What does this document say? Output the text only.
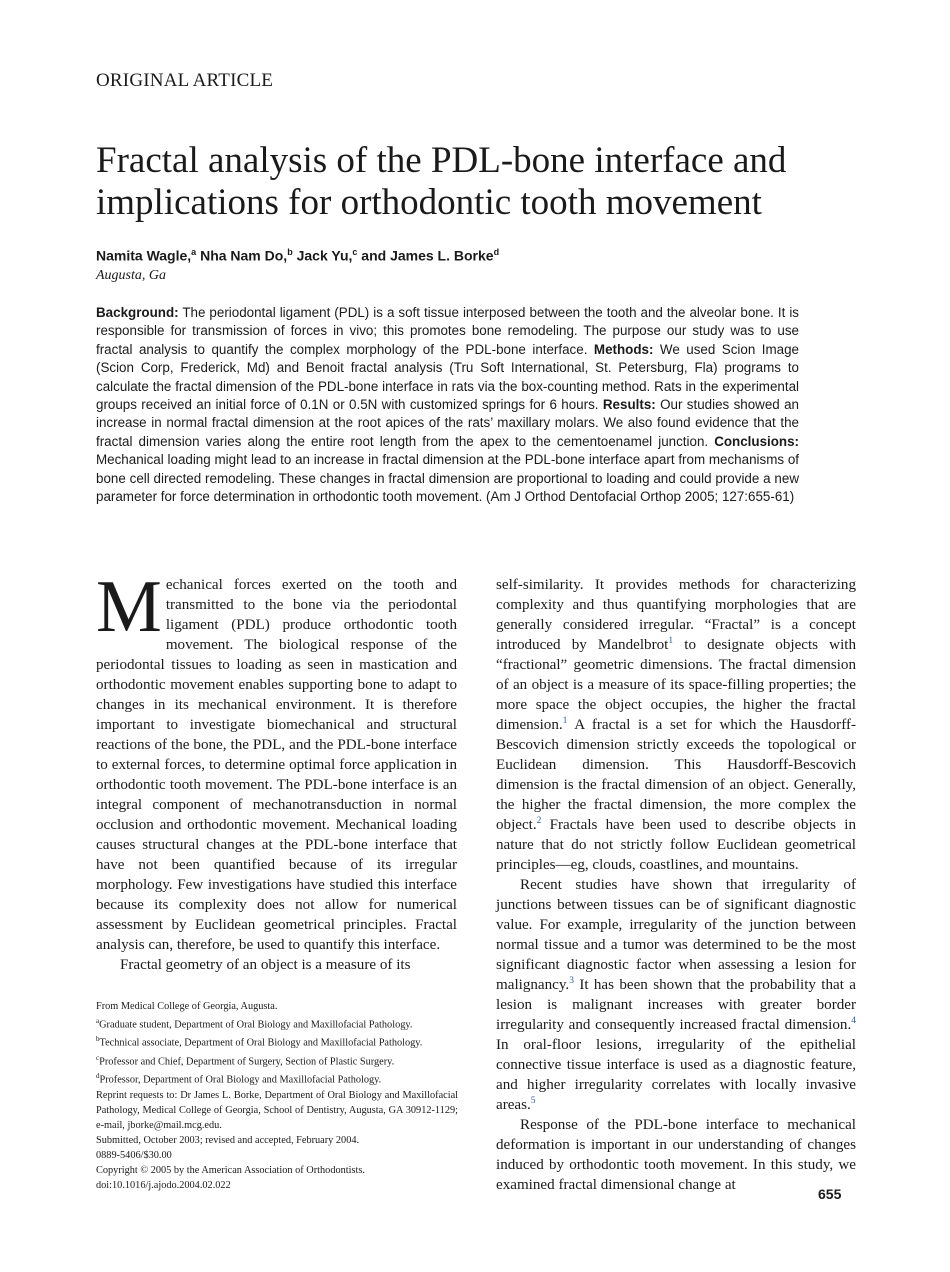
ORIGINAL ARTICLE
Fractal analysis of the PDL-bone interface and
implications for orthodontic tooth movement
Namita Wagle,$^a$ Nha Nam Do,$^b$ Jack Yu,$^c$ and James L. Borke$^d$
Augusta, Ga

Background: The periodontal ligament (PDL) is a soft tissue interposed between the tooth and the alveolar bone. It is responsible for transmission of forces in vivo; this promotes bone remodeling. The purpose our study was to use fractal analysis to quantify the complex morphology of the PDL-bone interface. Methods: We used Scion Image (Scion Corp, Frederick, Md) and Benoit fractal analysis (Tru Soft International, St. Petersburg, Fla) programs to calculate the fractal dimension of the PDL-bone interface in rats via the box-counting method. Rats in the experimental groups received an initial force of 0.1N or 0.5N with customized springs for 6 hours. Results: Our studies showed an increase in normal fractal dimension at the root apices of the rats’ maxillary molars. We also found evidence that the fractal dimension varies along the entire root length from the apex to the cementoenamel junction. Conclusions: Mechanical loading might lead to an increase in fractal dimension at the PDL-bone interface apart from mechanisms of bone cell directed remodeling. These changes in fractal dimension are proportional to loading and could provide a new parameter for force determination in orthodontic tooth movement. (Am J Orthod Dentofacial Orthop 2005; 127:655-61)

Mechanical forces exerted on the tooth and transmitted to the bone via the periodontal ligament (PDL) produce orthodontic tooth movement. The biological response of the periodontal tissues to loading as seen in mastication and orthodontic movement enables supporting bone to adapt to changes in its mechanical environment. It is therefore important to investigate biomechanical and structural reactions of the bone, the PDL, and the PDL-bone interface to external forces, to determine optimal force application in orthodontic tooth movement. The PDL-bone interface is an integral component of mechanotransduction in normal occlusion and orthodontic movement. Mechanical loading causes structural changes at the PDL-bone interface that have not been quantified because of its irregular morphology. Few investigations have studied this interface because its complexity does not allow for numerical assessment by Euclidean geometrical principles. Fractal analysis can, therefore, be used to quantify this interface.

Fractal geometry of an object is a measure of its

self-similarity. It provides methods for characterizing complexity and thus quantifying morphologies that are generally considered irregular. “Fractal” is a concept introduced by Mandelbrot$^1$ to designate objects with “fractional” geometric dimensions. The fractal dimension of an object is a measure of its space-filling properties; the more space the object occupies, the higher the fractal dimension.$^1$ A fractal is a set for which the Hausdorff-Bescovich dimension strictly exceeds the topological or Euclidean dimension. This Hausdorff-Bescovich dimension is the fractal dimension of an object. Generally, the higher the fractal dimension, the more complex the object.$^2$ Fractals have been used to describe objects in nature that do not strictly follow Euclidean geometrical principles—eg, clouds, coastlines, and mountains.

Recent studies have shown that irregularity of junctions between tissues can be of significant diagnostic value. For example, irregularity of the junction between normal tissue and a tumor was determined to be the most significant diagnostic factor when assessing a lesion for malignancy.$^3$ It has been shown that the probability that a lesion is malignant increases with greater border irregularity and consequently increased fractal dimension.$^4$ In oral-floor lesions, irregularity of the epithelial connective tissue interface is used as a diagnostic feature, and higher irregularity correlates with locally invasive areas.$^5$

Response of the PDL-bone interface to mechanical deformation is important in our understanding of changes induced by orthodontic tooth movement. In this study, we examined fractal dimensional change at

From Medical College of Georgia, Augusta.
$^a$Graduate student, Department of Oral Biology and Maxillofacial Pathology.
$^b$Technical associate, Department of Oral Biology and Maxillofacial Pathology.
$^c$Professor and Chief, Department of Surgery, Section of Plastic Surgery.
$^d$Professor, Department of Oral Biology and Maxillofacial Pathology.
Reprint requests to: Dr James L. Borke, Department of Oral Biology and Maxillofacial Pathology, Medical College of Georgia, School of Dentistry, Augusta, GA 30912-1129; e-mail, jborke@mail.mcg.edu.
Submitted, October 2003; revised and accepted, February 2004.
0889-5406/$30.00
Copyright © 2005 by the American Association of Orthodontists.
doi:10.1016/j.ajodo.2004.02.022
655
